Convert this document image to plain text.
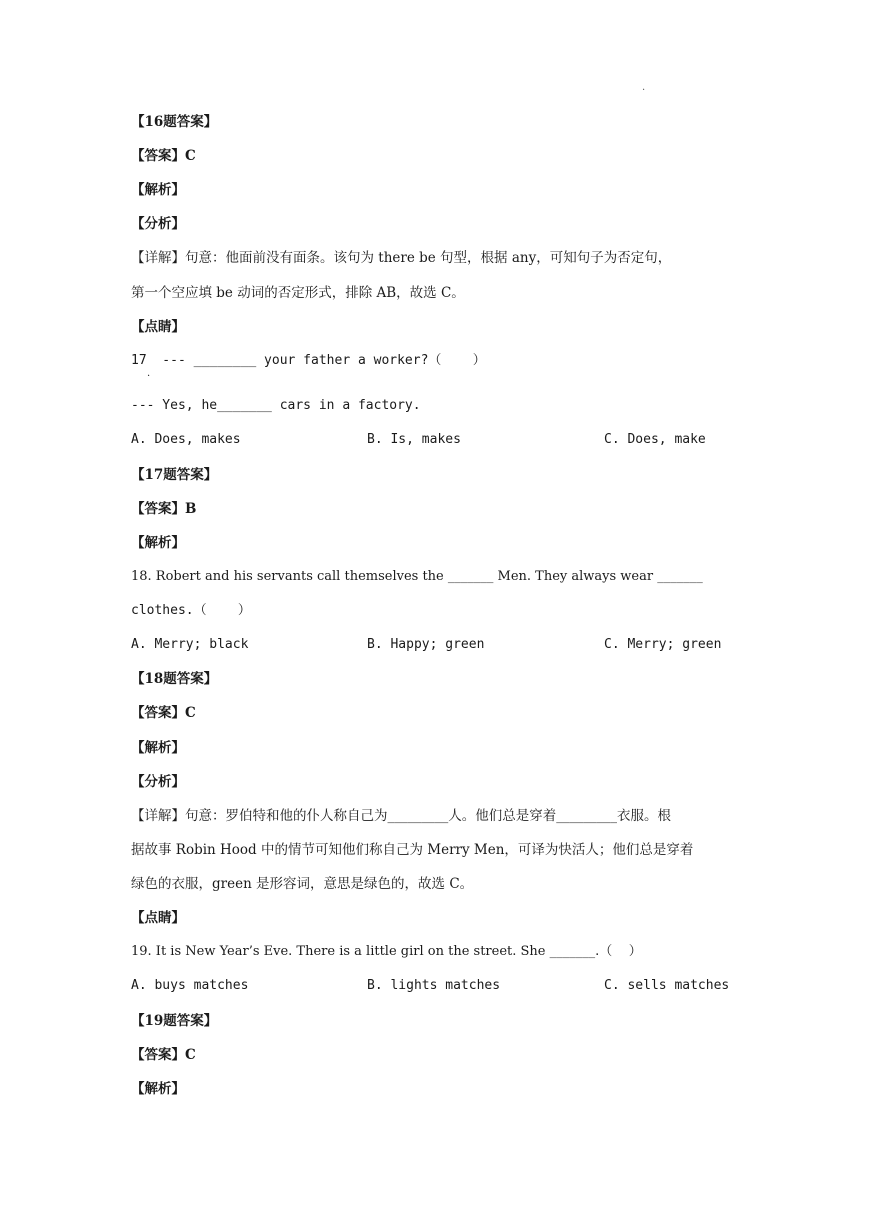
.
【16题答案】
【答案】C
【解析】
【分析】
【详解】句意：他面前没有面条。该句为 there be 句型，根据 any，可知句子为否定句，
第一个空应填 be 动词的否定形式，排除 AB，故选 C。
【点睛】
17  --- ________ your father a worker?（    ）
.
--- Yes, he_______ cars in a factory.
A. Does, makes	B. Is, makes	C. Does, make
【17题答案】
【答案】B
【解析】
18. Robert and his servants call themselves the _______ Men. They always wear _______
clothes.（    ）
A. Merry; black	B. Happy; green	C. Merry; green
【18题答案】
【答案】C
【解析】
【分析】
【详解】句意：罗伯特和他的仆人称自己为_________人。他们总是穿着_________衣服。根
据故事 Robin Hood 中的情节可知他们称自己为 Merry Men，可译为快活人；他们总是穿着
绿色的衣服，green 是形容词，意思是绿色的，故选 C。
【点睛】
19. It is New Year’s Eve. There is a little girl on the street. She _______.（    ）
A. buys matches	B. lights matches	C. sells matches
【19题答案】
【答案】C
【解析】
